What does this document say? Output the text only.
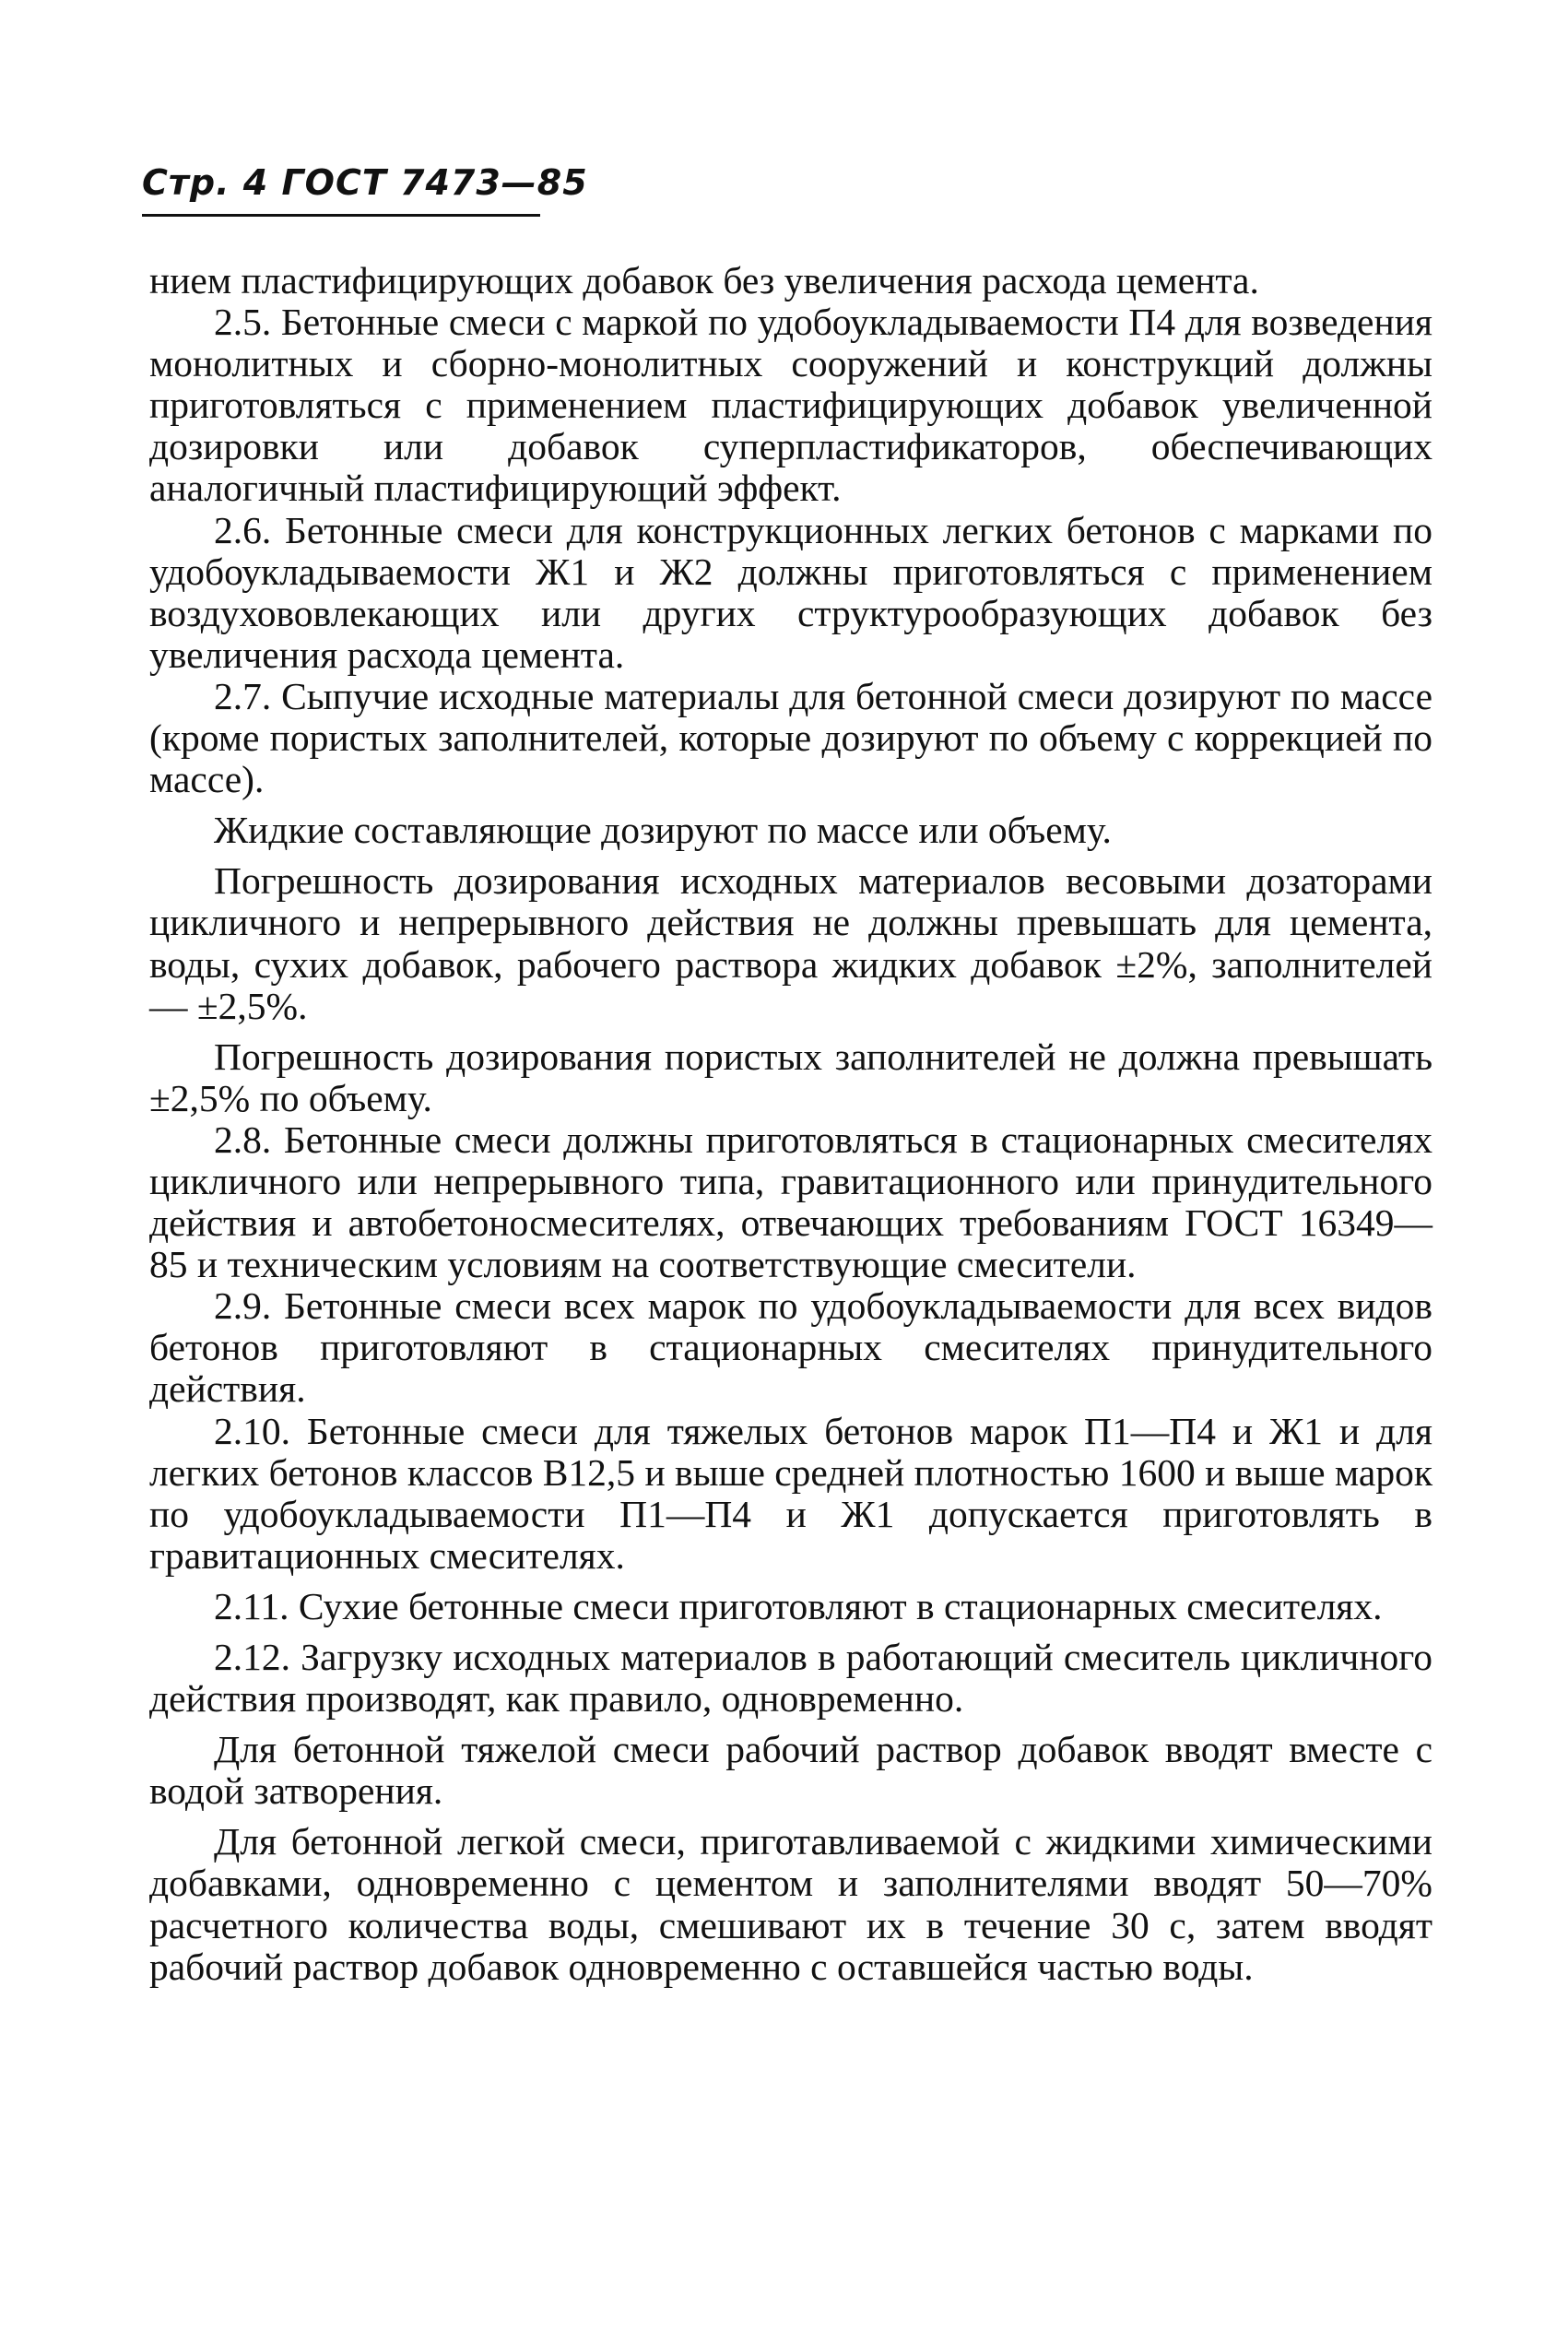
Стр. 4 ГОСТ 7473—85

нием пластифицирующих добавок без увеличения расхода цемента.

2.5. Бетонные смеси с маркой по удобоукладываемости П4 для возведения монолитных и сборно-монолитных сооружений и конструкций должны приготовляться с применением пластифицирующих добавок увеличенной дозировки или добавок суперпластификаторов, обеспечивающих аналогичный пластифицирующий эффект.

2.6. Бетонные смеси для конструкционных легких бетонов с марками по удобоукладываемости Ж1 и Ж2 должны приготовляться с применением воздухововлекающих или других структурообразующих добавок без увеличения расхода цемента.

2.7. Сыпучие исходные материалы для бетонной смеси дозируют по массе (кроме пористых заполнителей, которые дозируют по объему с коррекцией по массе).

Жидкие составляющие дозируют по массе или объему.

Погрешность дозирования исходных материалов весовыми дозаторами цикличного и непрерывного действия не должны превышать для цемента, воды, сухих добавок, рабочего раствора жидких добавок ±2%, заполнителей — ±2,5%.

Погрешность дозирования пористых заполнителей не должна превышать ±2,5% по объему.

2.8. Бетонные смеси должны приготовляться в стационарных смесителях цикличного или непрерывного типа, гравитационного или принудительного действия и автобетоносмесителях, отвечающих требованиям ГОСТ 16349—85 и техническим условиям на соответствующие смесители.

2.9. Бетонные смеси всех марок по удобоукладываемости для всех видов бетонов приготовляют в стационарных смесителях принудительного действия.

2.10. Бетонные смеси для тяжелых бетонов марок П1—П4 и Ж1 и для легких бетонов классов В12,5 и выше средней плотностью 1600 и выше марок по удобоукладываемости П1—П4 и Ж1 допускается приготовлять в гравитационных смесителях.

2.11. Сухие бетонные смеси приготовляют в стационарных смесителях.

2.12. Загрузку исходных материалов в работающий смеситель цикличного действия производят, как правило, одновременно.

Для бетонной тяжелой смеси рабочий раствор добавок вводят вместе с водой затворения.

Для бетонной легкой смеси, приготавливаемой с жидкими химическими добавками, одновременно с цементом и заполнителями вводят 50—70% расчетного количества воды, смешивают их в течение 30 с, затем вводят рабочий раствор добавок одновременно с оставшейся частью воды.
